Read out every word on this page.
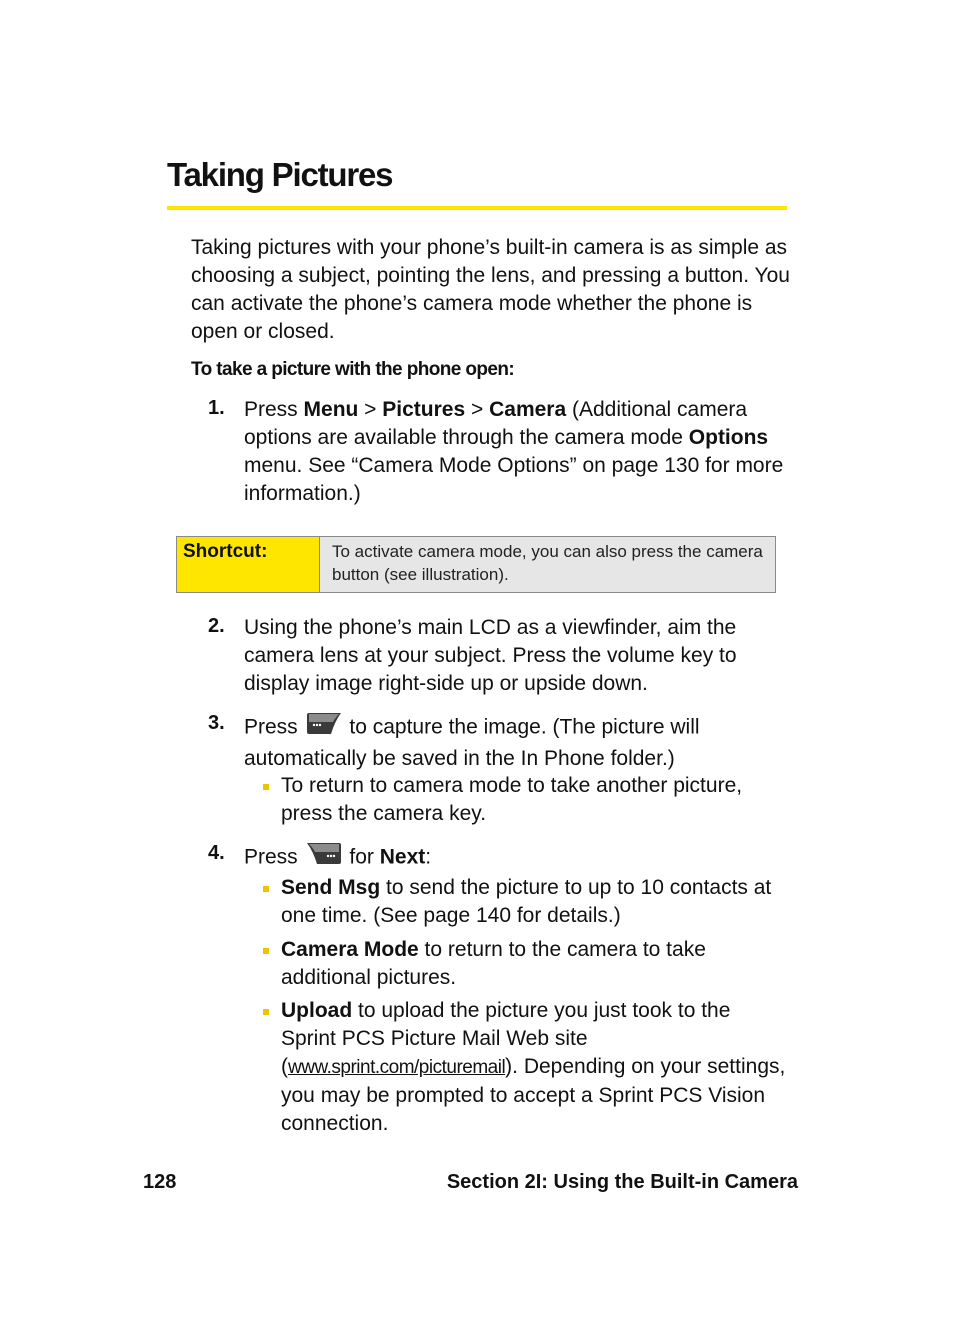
Taking Pictures
Taking pictures with your phone’s built-in camera is as simple as choosing a subject, pointing the lens, and pressing a button. You can activate the phone’s camera mode whether the phone is open or closed.
To take a picture with the phone open:
1. Press Menu > Pictures > Camera (Additional camera options are available through the camera mode Options menu. See “Camera Mode Options” on page 130 for more information.)
Shortcut:	To activate camera mode, you can also press the camera button (see illustration).
2. Using the phone’s main LCD as a viewfinder, aim the camera lens at your subject. Press the volume key to display image right-side up or upside down.
3. Press  to capture the image. (The picture will automatically be saved in the In Phone folder.)
To return to camera mode to take another picture, press the camera key.
4. Press  for Next:
Send Msg to send the picture to up to 10 contacts at one time. (See page 140 for details.)
Camera Mode to return to the camera to take additional pictures.
Upload to upload the picture you just took to the Sprint PCS Picture Mail Web site (www.sprint.com/picturemail). Depending on your settings, you may be prompted to accept a Sprint PCS Vision connection.
128	Section 2I: Using the Built-in Camera
